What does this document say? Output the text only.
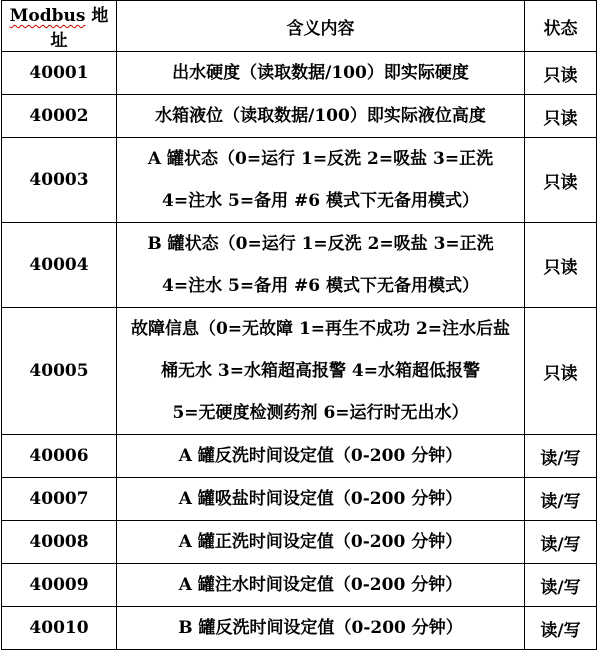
Modbus 地址	含义内容	状态
40001	出水硬度（读取数据/100）即实际硬度	只读
40002	水箱液位（读取数据/100）即实际液位高度	只读
40003	A 罐状态（0=运行 1=反洗 2=吸盐 3=正洗
4=注水 5=备用 #6 模式下无备用模式）	只读
40004	B 罐状态（0=运行 1=反洗 2=吸盐 3=正洗
4=注水 5=备用 #6 模式下无备用模式）	只读
40005	故障信息（0=无故障 1=再生不成功 2=注水后盐
桶无水 3=水箱超高报警 4=水箱超低报警
5=无硬度检测药剂 6=运行时无出水）	只读
40006	A 罐反洗时间设定值（0-200 分钟）	读/写
40007	A 罐吸盐时间设定值（0-200 分钟）	读/写
40008	A 罐正洗时间设定值（0-200 分钟）	读/写
40009	A 罐注水时间设定值（0-200 分钟）	读/写
40010	B 罐反洗时间设定值（0-200 分钟）	读/写
